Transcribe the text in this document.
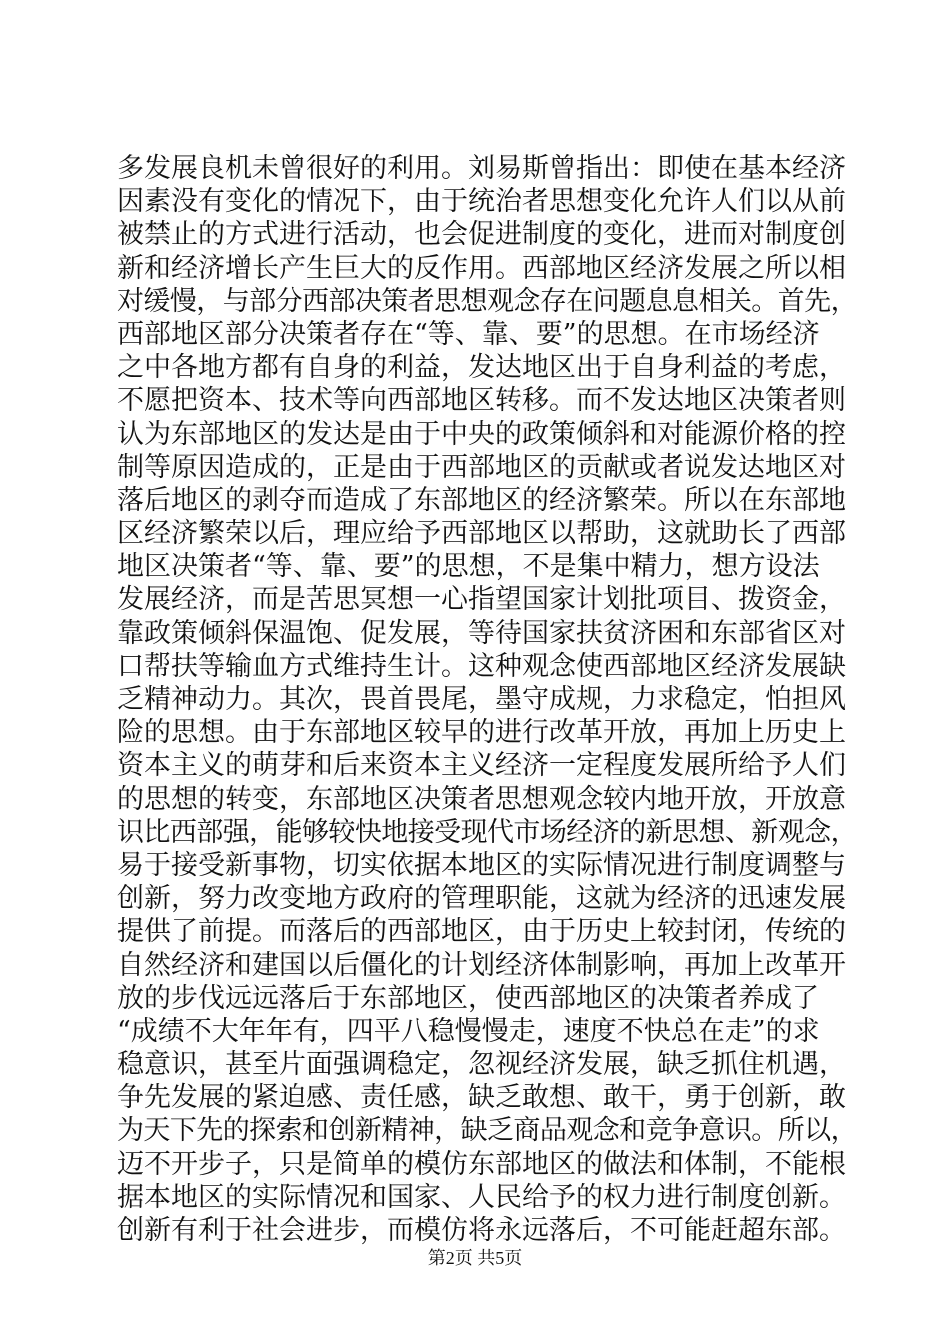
多发展良机未曾很好的利用。刘易斯曾指出：即使在基本经济
因素没有变化的情况下，由于统治者思想变化允许人们以从前
被禁止的方式进行活动，也会促进制度的变化，进而对制度创
新和经济增长产生巨大的反作用。西部地区经济发展之所以相
对缓慢，与部分西部决策者思想观念存在问题息息相关。首先，
西部地区部分决策者存在“等、靠、要”的思想。在市场经济
之中各地方都有自身的利益，发达地区出于自身利益的考虑，
不愿把资本、技术等向西部地区转移。而不发达地区决策者则
认为东部地区的发达是由于中央的政策倾斜和对能源价格的控
制等原因造成的，正是由于西部地区的贡献或者说发达地区对
落后地区的剥夺而造成了东部地区的经济繁荣。所以在东部地
区经济繁荣以后，理应给予西部地区以帮助，这就助长了西部
地区决策者“等、靠、要”的思想，不是集中精力，想方设法
发展经济，而是苦思冥想一心指望国家计划批项目、拨资金，
靠政策倾斜保温饱、促发展，等待国家扶贫济困和东部省区对
口帮扶等输血方式维持生计。这种观念使西部地区经济发展缺
乏精神动力。其次，畏首畏尾，墨守成规，力求稳定，怕担风
险的思想。由于东部地区较早的进行改革开放，再加上历史上
资本主义的萌芽和后来资本主义经济一定程度发展所给予人们
的思想的转变，东部地区决策者思想观念较内地开放，开放意
识比西部强，能够较快地接受现代市场经济的新思想、新观念，
易于接受新事物，切实依据本地区的实际情况进行制度调整与
创新，努力改变地方政府的管理职能，这就为经济的迅速发展
提供了前提。而落后的西部地区，由于历史上较封闭，传统的
自然经济和建国以后僵化的计划经济体制影响，再加上改革开
放的步伐远远落后于东部地区，使西部地区的决策者养成了
“成绩不大年年有，四平八稳慢慢走，速度不快总在走”的求
稳意识，甚至片面强调稳定，忽视经济发展，缺乏抓住机遇，
争先发展的紧迫感、责任感，缺乏敢想、敢干，勇于创新，敢
为天下先的探索和创新精神，缺乏商品观念和竞争意识。所以，
迈不开步子，只是简单的模仿东部地区的做法和体制，不能根
据本地区的实际情况和国家、人民给予的权力进行制度创新。
创新有利于社会进步，而模仿将永远落后，不可能赶超东部。
第2页 共5页
